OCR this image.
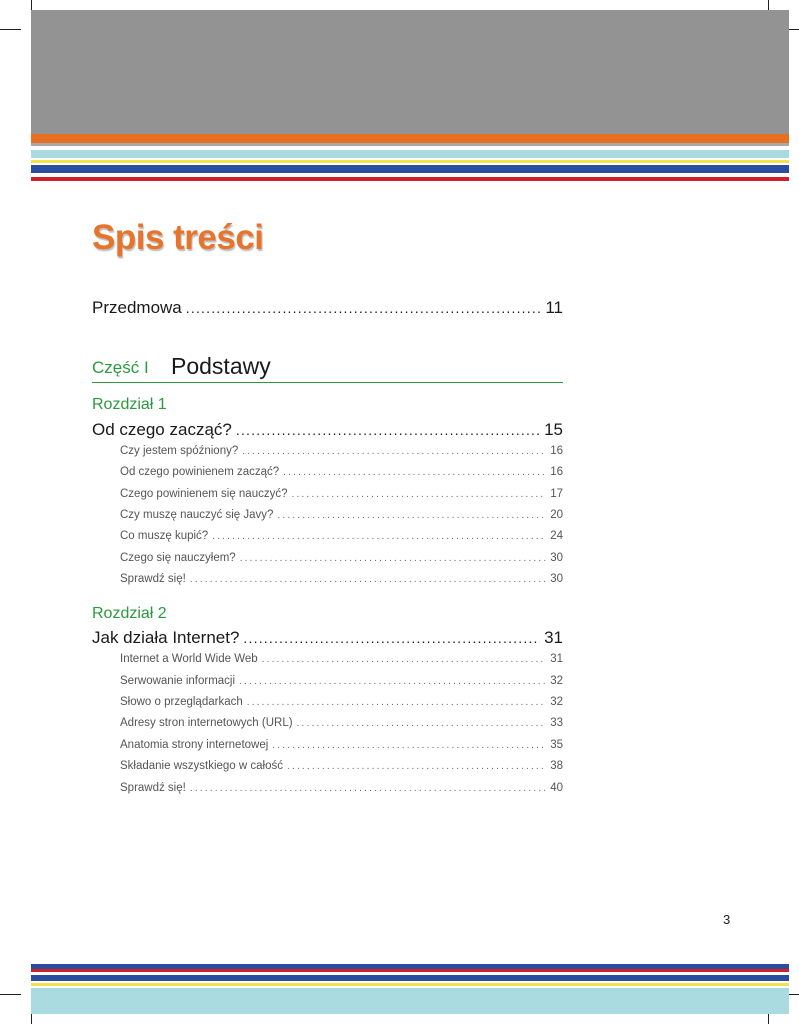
Spis treści
Przedmowa .....	11
Część I Podstawy
Rozdział 1
Od czego zacząć? .....	15
Czy jestem spóźniony? .....	16
Od czego powinienem zacząć? .....	16
Czego powinienem się nauczyć? .....	17
Czy muszę nauczyć się Javy? .....	20
Co muszę kupić? .....	24
Czego się nauczyłem? .....	30
Sprawdź się! .....	30
Rozdział 2
Jak działa Internet? .....	31
Internet a World Wide Web .....	31
Serwowanie informacji .....	32
Słowo o przeglądarkach .....	32
Adresy stron internetowych (URL) .....	33
Anatomia strony internetowej .....	35
Składanie wszystkiego w całość .....	38
Sprawdź się! .....	40
3
